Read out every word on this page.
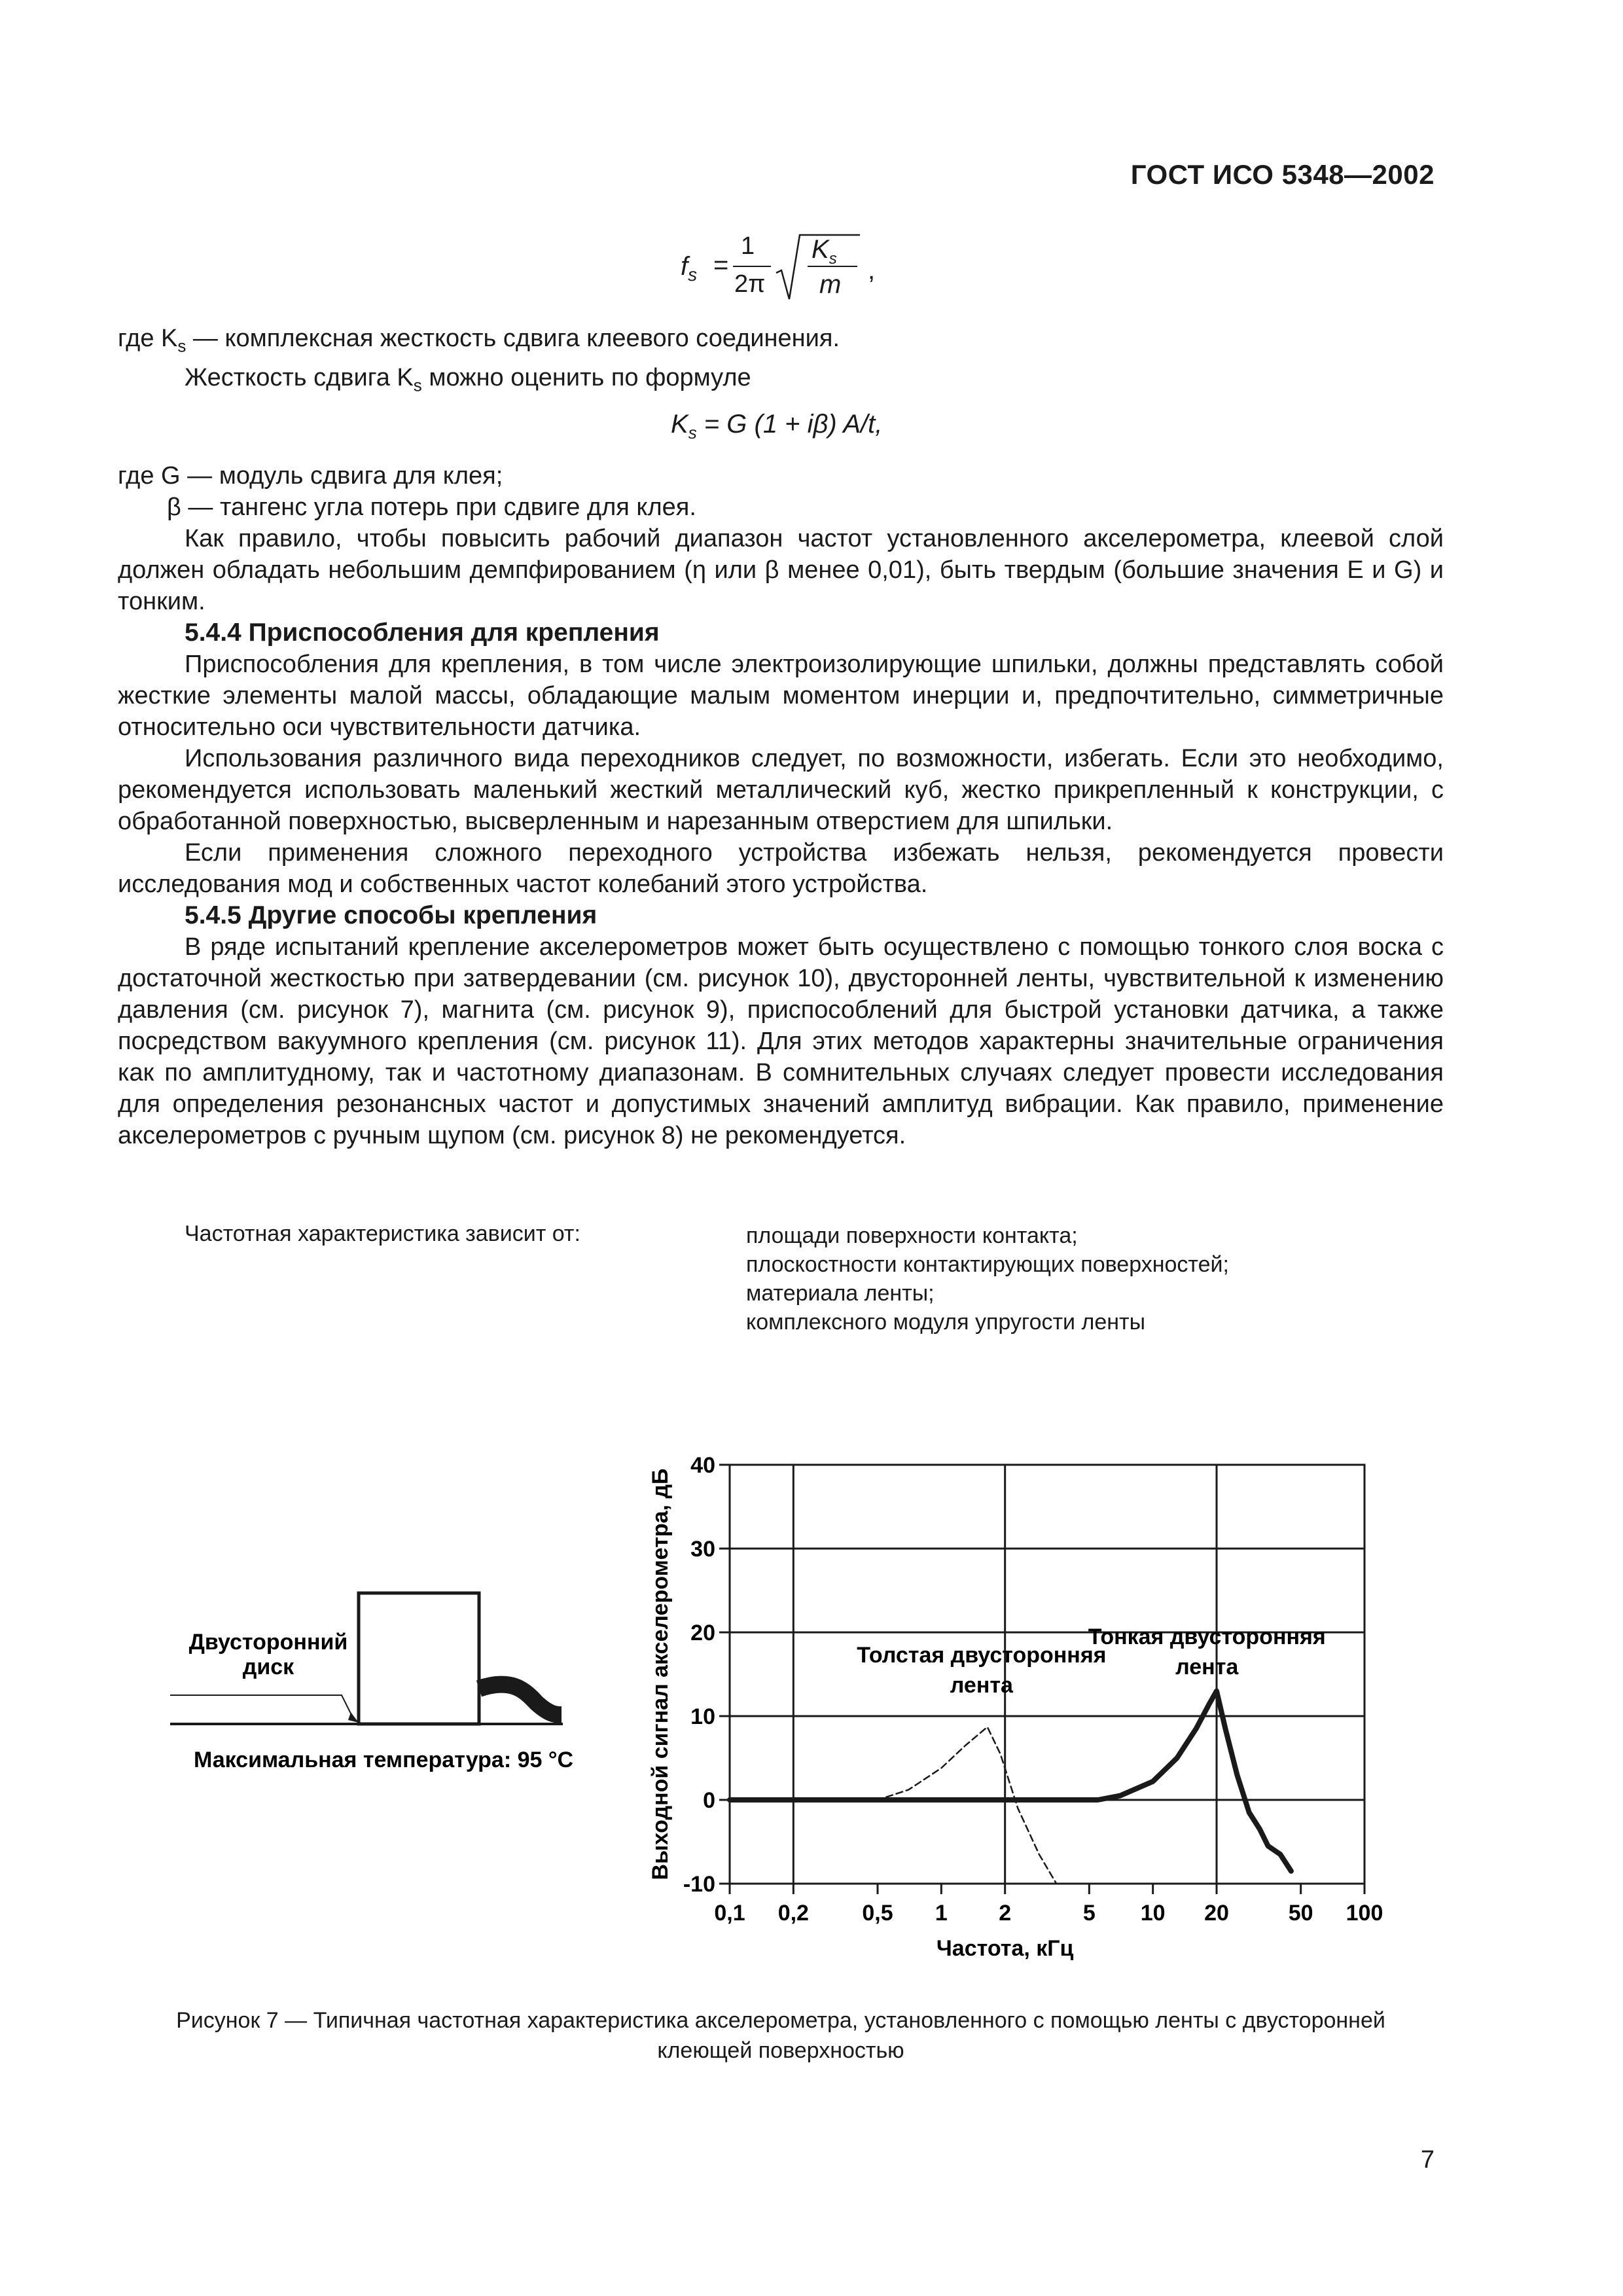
ГОСТ ИСО 5348—2002
$f_s$ =
1
2π
$K_s$
m ,

где $K_s$ — комплексная жесткость сдвига клеевого соединения.

Жесткость сдвига $K_s$ можно оценить по формуле

$K_s = G$ (1 + iβ) A/t,

где G — модуль сдвига для клея;

β — тангенс угла потерь при сдвиге для клея.

Как правило, чтобы повысить рабочий диапазон частот установленного акселерометра, клеевой слой должен обладать небольшим демпфированием (η или β менее 0,01), быть твердым (большие значения E и G) и тонким.

5.4.4 Приспособления для крепления

Приспособления для крепления, в том числе электроизолирующие шпильки, должны представлять собой жесткие элементы малой массы, обладающие малым моментом инерции и, предпочтительно, симметричные относительно оси чувствительности датчика.

Использования различного вида переходников следует, по возможности, избегать. Если это необходимо, рекомендуется использовать маленький жесткий металлический куб, жестко прикрепленный к конструкции, с обработанной поверхностью, высверленным и нарезанным отверстием для шпильки.

Если применения сложного переходного устройства избежать нельзя, рекомендуется провести исследования мод и собственных частот колебаний этого устройства.

5.4.5 Другие способы крепления

В ряде испытаний крепление акселерометров может быть осуществлено с помощью тонкого слоя воска с достаточной жесткостью при затвердевании (см. рисунок 10), двусторонней ленты, чувствительной к изменению давления (см. рисунок 7), магнита (см. рисунок 9), приспособлений для быстрой установки датчика, а также посредством вакуумного крепления (см. рисунок 11). Для этих методов характерны значительные ограничения как по амплитудному, так и частотному диапазонам. В сомнительных случаях следует провести исследования для определения резонансных частот и допустимых значений амплитуд вибрации. Как правило, применение акселерометров с ручным щупом (см. рисунок 8) не рекомендуется.

Частотная характеристика зависит от:	площади поверхности контакта;
плоскостности контактирующих поверхностей;
материала ленты;
комплексного модуля упругости ленты
Двусторонний
диск
Максимальная температура: 95 °С
0,1 0,2 0,5 1 2	5 10 20	50 100
-10
0
10
20
30
40
Частота, кГц
Выходной сигнал акселерометра, дБ	Толстая двусторонняя
лента
Тонкая двусторонняя
лента
Рисунок 7 — Типичная частотная характеристика акселерометра, установленного с помощью ленты с двусторонней
клеющей поверхностью
7
